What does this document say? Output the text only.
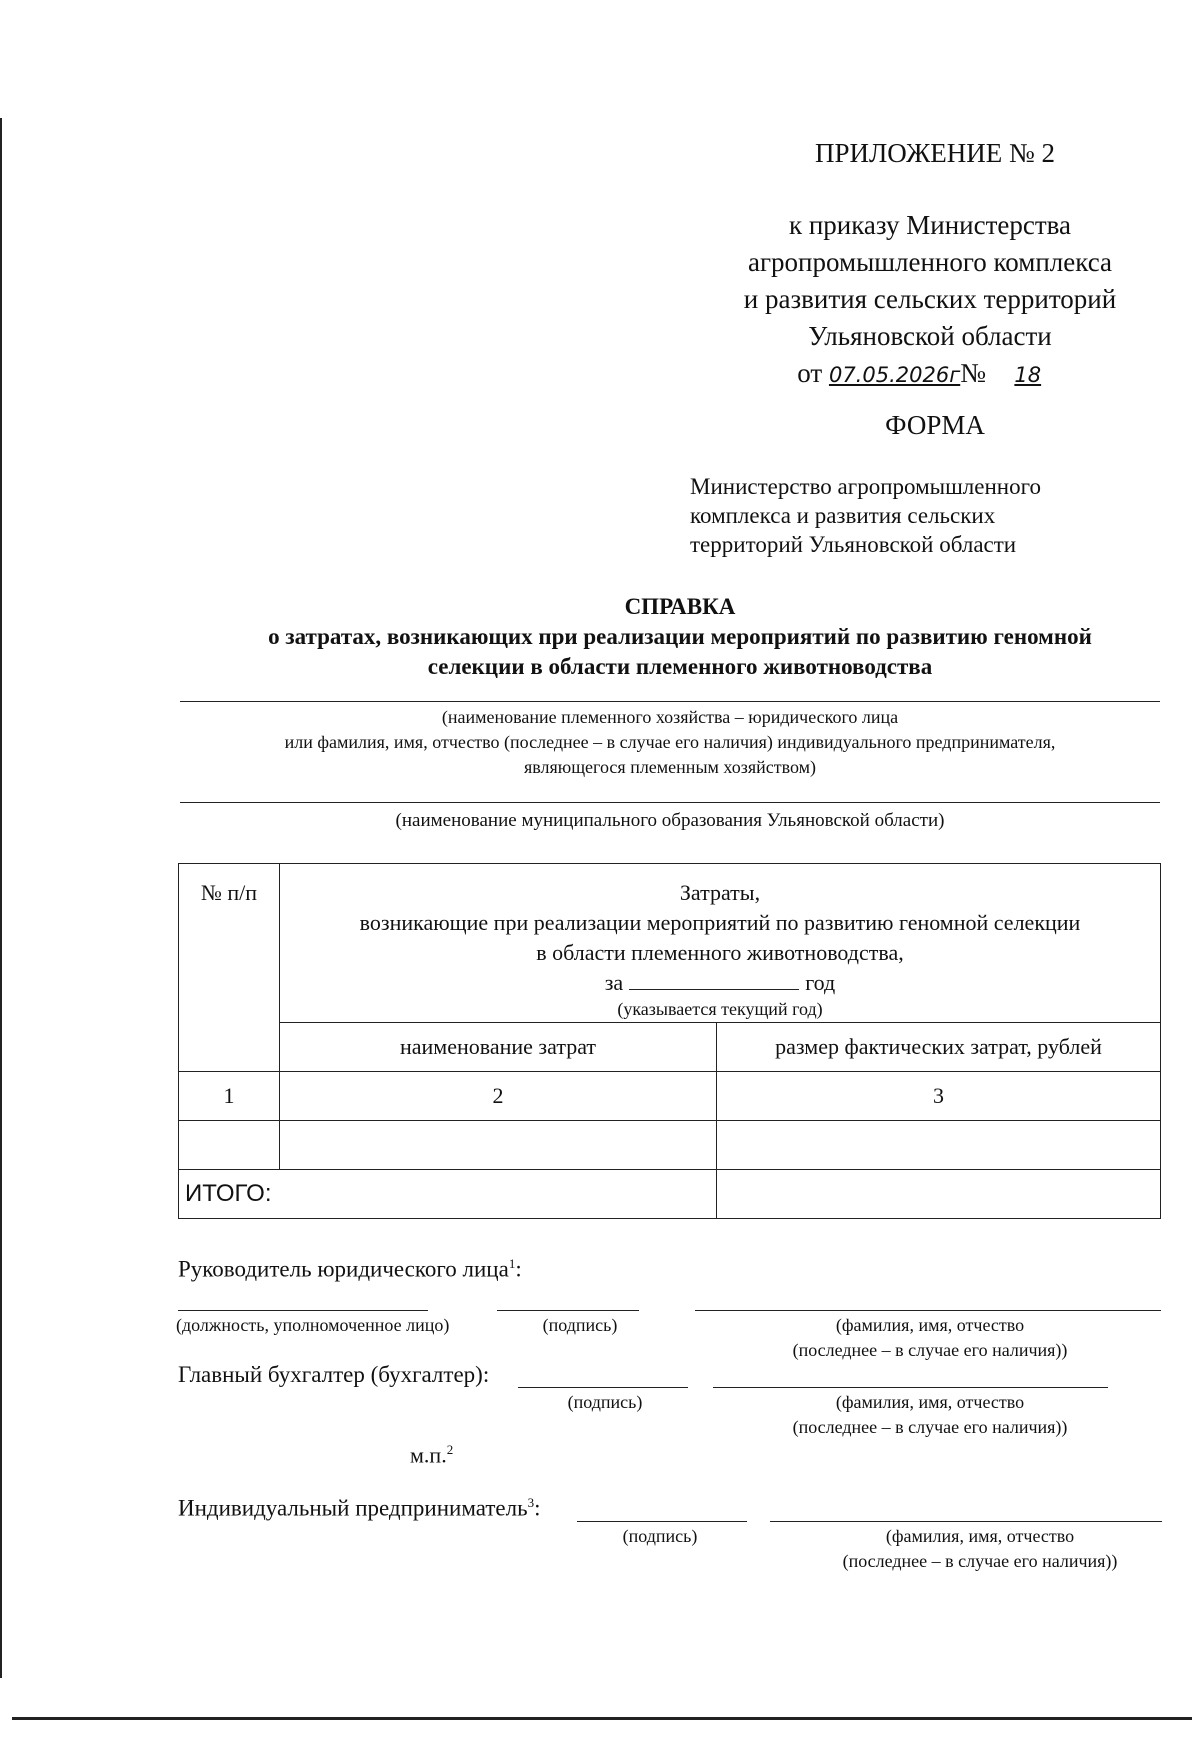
ПРИЛОЖЕНИЕ № 2
к приказу Министерства
агропромышленного комплекса
и развития сельских территорий
Ульяновской области
от 07.05.2026г№ 18
ФОРМА
Министерство агропромышленного
комплекса и развития сельских
территорий Ульяновской области
СПРАВКА
о затратах, возникающих при реализации мероприятий по развитию геномной
селекции в области племенного животноводства
(наименование племенного хозяйства – юридического лица
или фамилия, имя, отчество (последнее – в случае его наличия) индивидуального предпринимателя,
являющегося племенным хозяйством)
(наименование муниципального образования Ульяновской области)
№ п/п	Затраты,
возникающие при реализации мероприятий по развитию геномной селекции
в области племенного животноводства,
за год
(указывается текущий год)	

	наименование затрат	размер фактических затрат, рублей
1	2	3

ИТОГО:		
Руководитель юридического лица$^1$:
(должность, уполномоченное лицо)	(подпись)	(фамилия, имя, отчество
(последнее – в случае его наличия))
Главный бухгалтер (бухгалтер):
(подпись)	(фамилия, имя, отчество
(последнее – в случае его наличия))
м.п.$^2$
Индивидуальный предприниматель$^3$:
(подпись)	(фамилия, имя, отчество
(последнее – в случае его наличия))
